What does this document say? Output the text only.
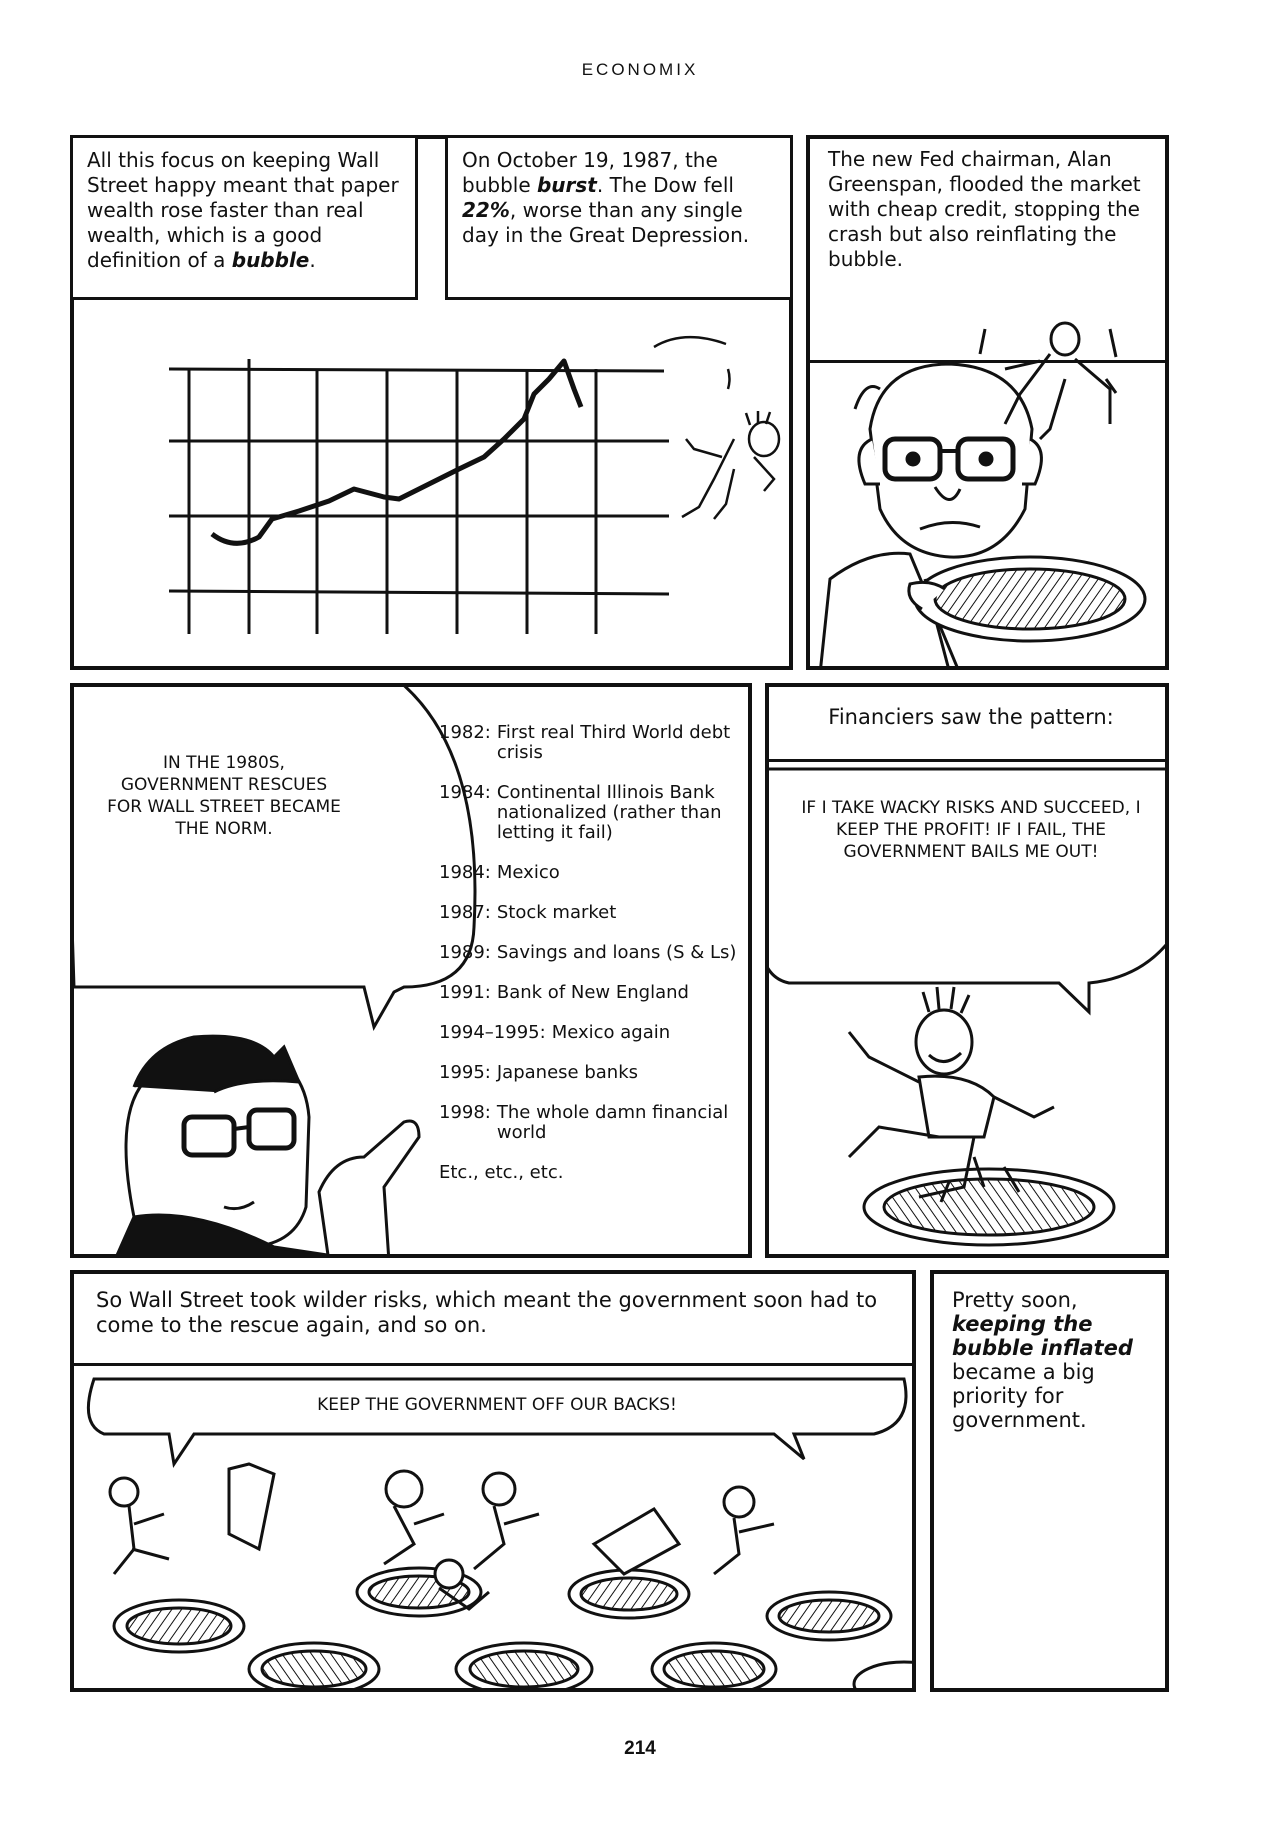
ECONOMIX
All this focus on keeping Wall Street happy meant that paper wealth rose faster than real wealth, which is a good definition of a bubble.
On October 19, 1987, the bubble burst. The Dow fell 22%, worse than any single day in the Great Depression.
The new Fed chairman, Alan Greenspan, flooded the market with cheap credit, stopping the crash but also reinflating the bubble.
IN THE 1980S, GOVERNMENT RESCUES FOR WALL STREET BECAME THE NORM.
1982: First real Third World debt crisis
1984: Continental Illinois Bank nationalized (rather than letting it fail)
1984: Mexico
1987: Stock market
1989: Savings and loans (S & Ls)
1991: Bank of New England
1994–1995: Mexico again
1995: Japanese banks
1998: The whole damn financial world
Etc., etc., etc.
Financiers saw the pattern:
IF I TAKE WACKY RISKS AND SUCCEED, I KEEP THE PROFIT! IF I FAIL, THE GOVERNMENT BAILS ME OUT!
So Wall Street took wilder risks, which meant the government soon had to come to the rescue again, and so on.
KEEP THE GOVERNMENT OFF OUR BACKS!
Pretty soon, keeping the bubble inflated became a big priority for government.
214
